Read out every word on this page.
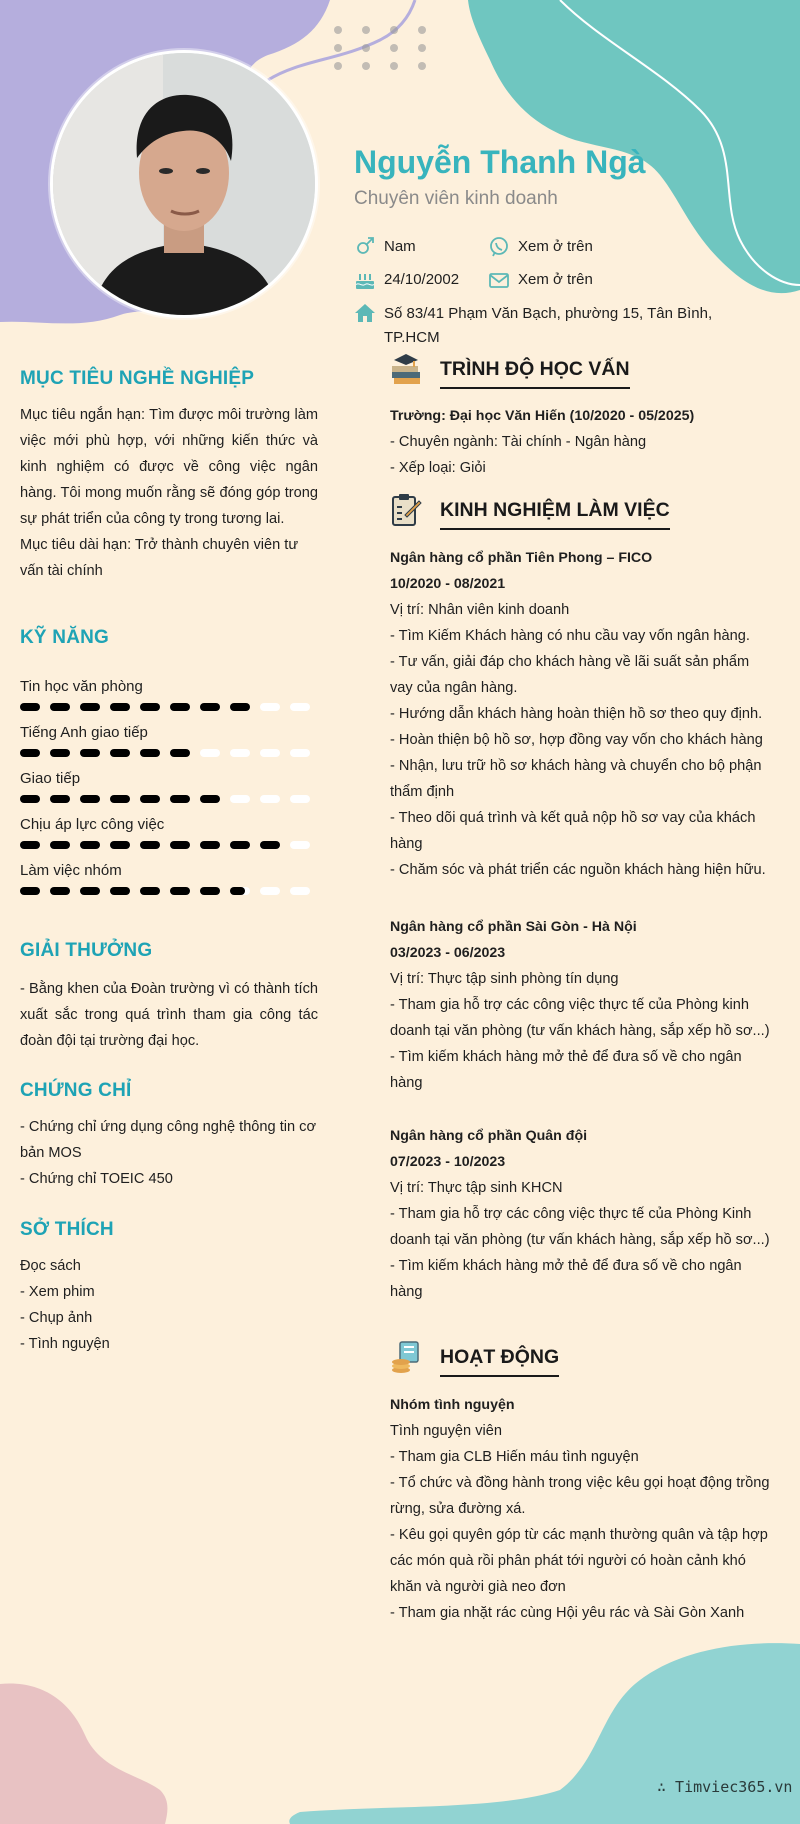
Nguyễn Thanh Ngà
Chuyên viên kinh doanh
Nam	Xem ở trên
24/10/2002	Xem ở trên
Số 83/41 Phạm Văn Bạch, phường 15, Tân Bình,
TP.HCM
MỤC TIÊU NGHỀ NGHIỆP

Mục tiêu ngắn hạn: Tìm được môi trường làm việc mới phù hợp, với những kiến thức và kinh nghiệm có được về công việc ngân hàng. Tôi mong muốn rằng sẽ đóng góp trong sự phát triển của công ty trong tương lai.

Mục tiêu dài hạn: Trở thành chuyên viên tư vấn tài chính

KỸ NĂNG
Tin học văn phòng
Tiếng Anh giao tiếp
Giao tiếp
Chịu áp lực công việc
Làm việc nhóm
GIẢI THƯỞNG
- Bằng khen của Đoàn trường vì có thành tích xuất sắc trong quá trình tham gia công tác đoàn đội tại trường đại học.
CHỨNG CHỈ

- Chứng chỉ ứng dụng công nghệ thông tin cơ bản MOS

- Chứng chỉ TOEIC 450

SỞ THÍCH

Đọc sách

- Xem phim

- Chụp ảnh

- Tình nguyện

TRÌNH ĐỘ HỌC VẤN
Trường: Đại học Văn Hiến (10/2020 - 05/2025)
- Chuyên ngành: Tài chính - Ngân hàng
- Xếp loại: Giỏi
KINH NGHIỆM LÀM VIỆC
Ngân hàng cổ phần Tiên Phong – FICO
10/2020 - 08/2021
Vị trí: Nhân viên kinh doanh
- Tìm Kiếm Khách hàng có nhu cầu vay vốn ngân hàng.
- Tư vấn, giải đáp cho khách hàng về lãi suất sản phẩm vay của ngân hàng.
- Hướng dẫn khách hàng hoàn thiện hồ sơ theo quy định.
- Hoàn thiện bộ hồ sơ, hợp đồng vay vốn cho khách hàng
- Nhận, lưu trữ hồ sơ khách hàng và chuyển cho bộ phận thẩm định
- Theo dõi quá trình và kết quả nộp hồ sơ vay của khách hàng
- Chăm sóc và phát triển các nguồn khách hàng hiện hữu.
Ngân hàng cổ phần Sài Gòn - Hà Nội
03/2023 - 06/2023
Vị trí: Thực tập sinh phòng tín dụng
- Tham gia hỗ trợ các công việc thực tế của Phòng kinh doanh tại văn phòng (tư vấn khách hàng, sắp xếp hồ sơ...)
- Tìm kiếm khách hàng mở thẻ để đưa số về cho ngân hàng
Ngân hàng cổ phần Quân đội
07/2023 - 10/2023
Vị trí: Thực tập sinh KHCN
- Tham gia hỗ trợ các công việc thực tế của Phòng Kinh doanh tại văn phòng (tư vấn khách hàng, sắp xếp hồ sơ...)
- Tìm kiếm khách hàng mở thẻ để đưa số về cho ngân hàng
HOẠT ĐỘNG
Nhóm tình nguyện
Tình nguyện viên
- Tham gia CLB Hiến máu tình nguyện
- Tổ chức và đồng hành trong việc kêu gọi hoạt động trồng rừng, sửa đường xá.
- Kêu gọi quyên góp từ các mạnh thường quân và tập hợp các món quà rồi phân phát tới người có hoàn cảnh khó khăn và người già neo đơn
- Tham gia nhặt rác cùng Hội yêu rác và Sài Gòn Xanh
∴ Timviec365.vn
